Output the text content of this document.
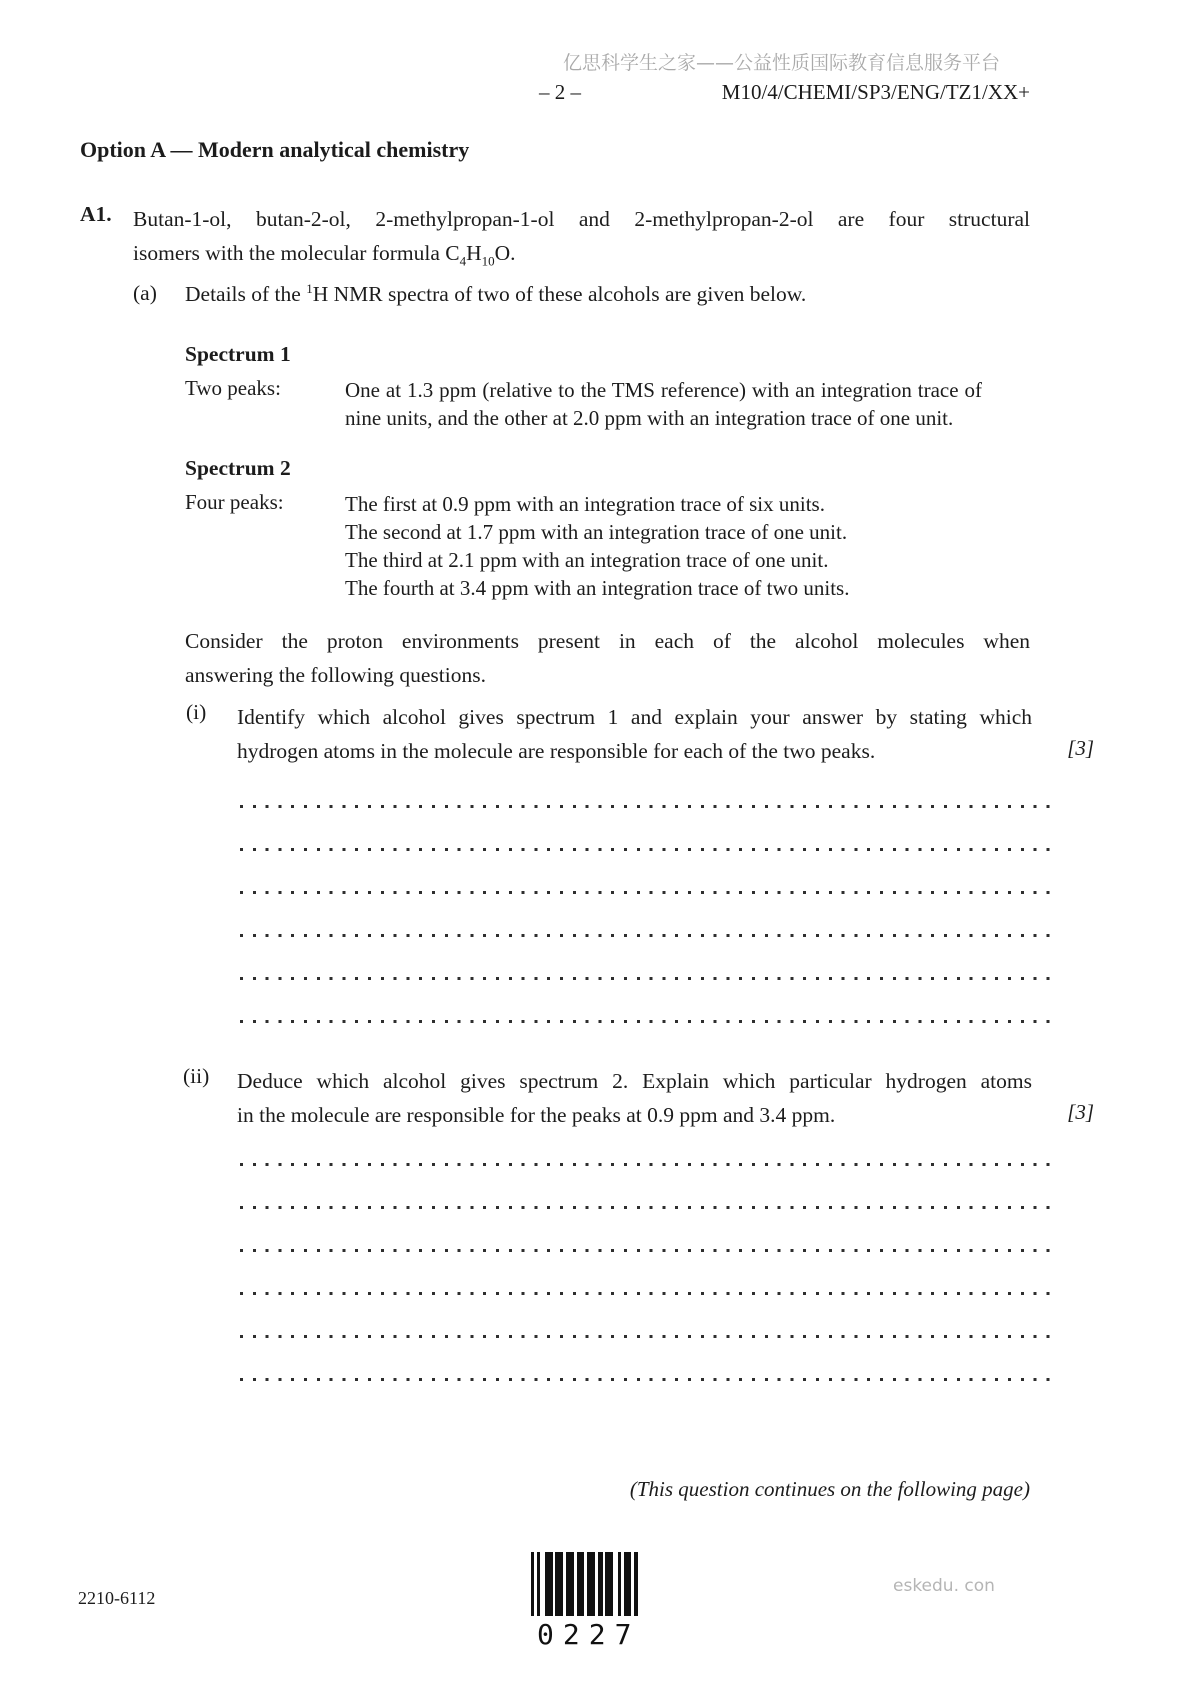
亿思科学生之家——公益性质国际教育信息服务平台
– 2 –	M10/4/CHEMI/SP3/ENG/TZ1/XX+
Option A — Modern analytical chemistry
A1. Butan-1-ol, butan-2-ol, 2-methylpropan-1-ol and 2-methylpropan-2-ol are four structural
isomers with the molecular formula $C_4H_{10}O$.
(a) Details of the $^1$H NMR spectra of two of these alcohols are given below.
Spectrum 1
Two peaks:	One at 1.3 ppm (relative to the TMS reference) with an integration trace of
nine units, and the other at 2.0 ppm with an integration trace of one unit.
Spectrum 2
Four peaks:	The first at 0.9 ppm with an integration trace of six units.
The second at 1.7 ppm with an integration trace of one unit.
The third at 2.1 ppm with an integration trace of one unit.
The fourth at 3.4 ppm with an integration trace of two units.
Consider the proton environments present in each of the alcohol molecules when
answering the following questions.
(i) Identify which alcohol gives spectrum 1 and explain your answer by stating which
hydrogen atoms in the molecule are responsible for each of the two peaks.	[3]
(ii) Deduce which alcohol gives spectrum 2. Explain which particular hydrogen atoms
in the molecule are responsible for the peaks at 0.9 ppm and 3.4 ppm.	[3]
(This question continues on the following page)
2210-6112
0227
eskedu. con
